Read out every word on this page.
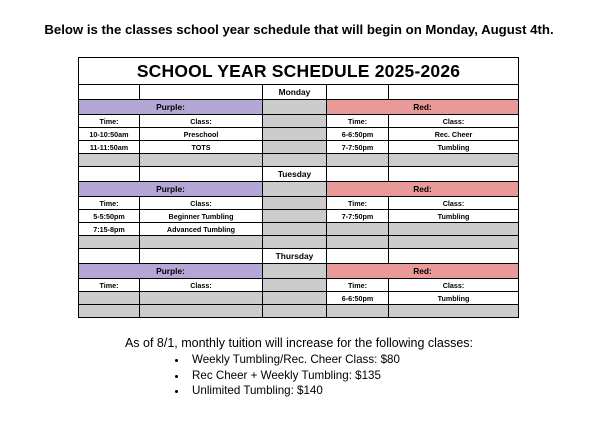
Below is the classes school year schedule that will begin on Monday, August 4th.
SCHOOL YEAR SCHEDULE 2025-2026				
		Monday		
Purple:			Red:	
Time:	Class:		Time:	Class:
10-10:50am	Preschool		6-6:50pm	Rec. Cheer
11-11:50am	TOTS		7-7:50pm	Tumbling

		Tuesday		
Purple:			Red:	
Time:	Class:		Time:	Class:
5-5:50pm	Beginner Tumbling		7-7:50pm	Tumbling
7:15-8pm	Advanced Tumbling			

		Thursday		
Purple:			Red:	
Time:	Class:		Time:	Class:
			6-6:50pm	Tumbling

As of 8/1, monthly tuition will increase for the following classes:
• Weekly Tumbling/Rec. Cheer Class: $80
• Rec Cheer + Weekly Tumbling: $135
• Unlimited Tumbling: $140
